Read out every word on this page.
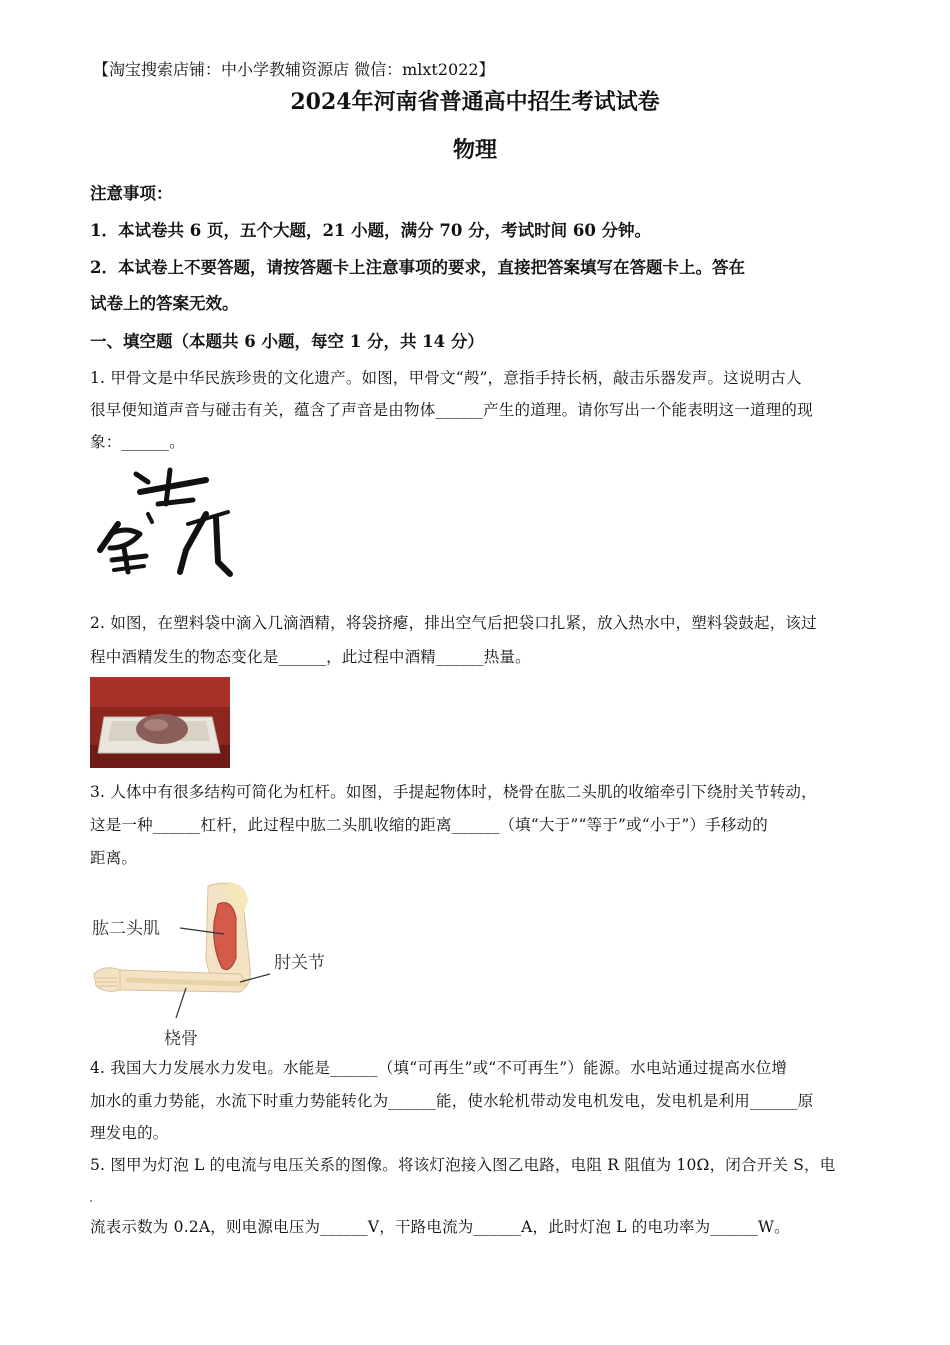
【淘宝搜索店铺：中小学教辅资源店 微信：mlxt2022】
2024年河南省普通高中招生考试试卷
物理
注意事项：
1．本试卷共 6 页，五个大题，21 小题，满分 70 分，考试时间 60 分钟。
2．本试卷上不要答题，请按答题卡上注意事项的要求，直接把答案填写在答题卡上。答在
试卷上的答案无效。
一、填空题（本题共 6 小题，每空 1 分，共 14 分）
1. 甲骨文是中华民族珍贵的文化遗产。如图，甲骨文“殸”，意指手持长柄，敲击乐器发声。这说明古人
很早便知道声音与碰击有关，蕴含了声音是由物体______产生的道理。请你写出一个能表明这一道理的现
象：______。
2. 如图，在塑料袋中滴入几滴酒精，将袋挤瘪，排出空气后把袋口扎紧，放入热水中，塑料袋鼓起，该过
程中酒精发生的物态变化是______，此过程中酒精______热量。
3. 人体中有很多结构可简化为杠杆。如图，手提起物体时，桡骨在肱二头肌的收缩牵引下绕肘关节转动，
这是一种______杠杆，此过程中肱二头肌收缩的距离______（填“大于”“等于”或“小于”）手移动的
距离。
肱二头肌
肘关节
桡骨
4. 我国大力发展水力发电。水能是______（填“可再生”或“不可再生”）能源。水电站通过提高水位增
加水的重力势能，水流下时重力势能转化为______能，使水轮机带动发电机发电，发电机是利用______原
理发电的。
5. 图甲为灯泡 L 的电流与电压关系的图像。将该灯泡接入图乙电路，电阻 R 阻值为 10Ω，闭合开关 S，电
流表示数为 0.2A，则电源电压为______V，干路电流为______A，此时灯泡 L 的电功率为______W。
